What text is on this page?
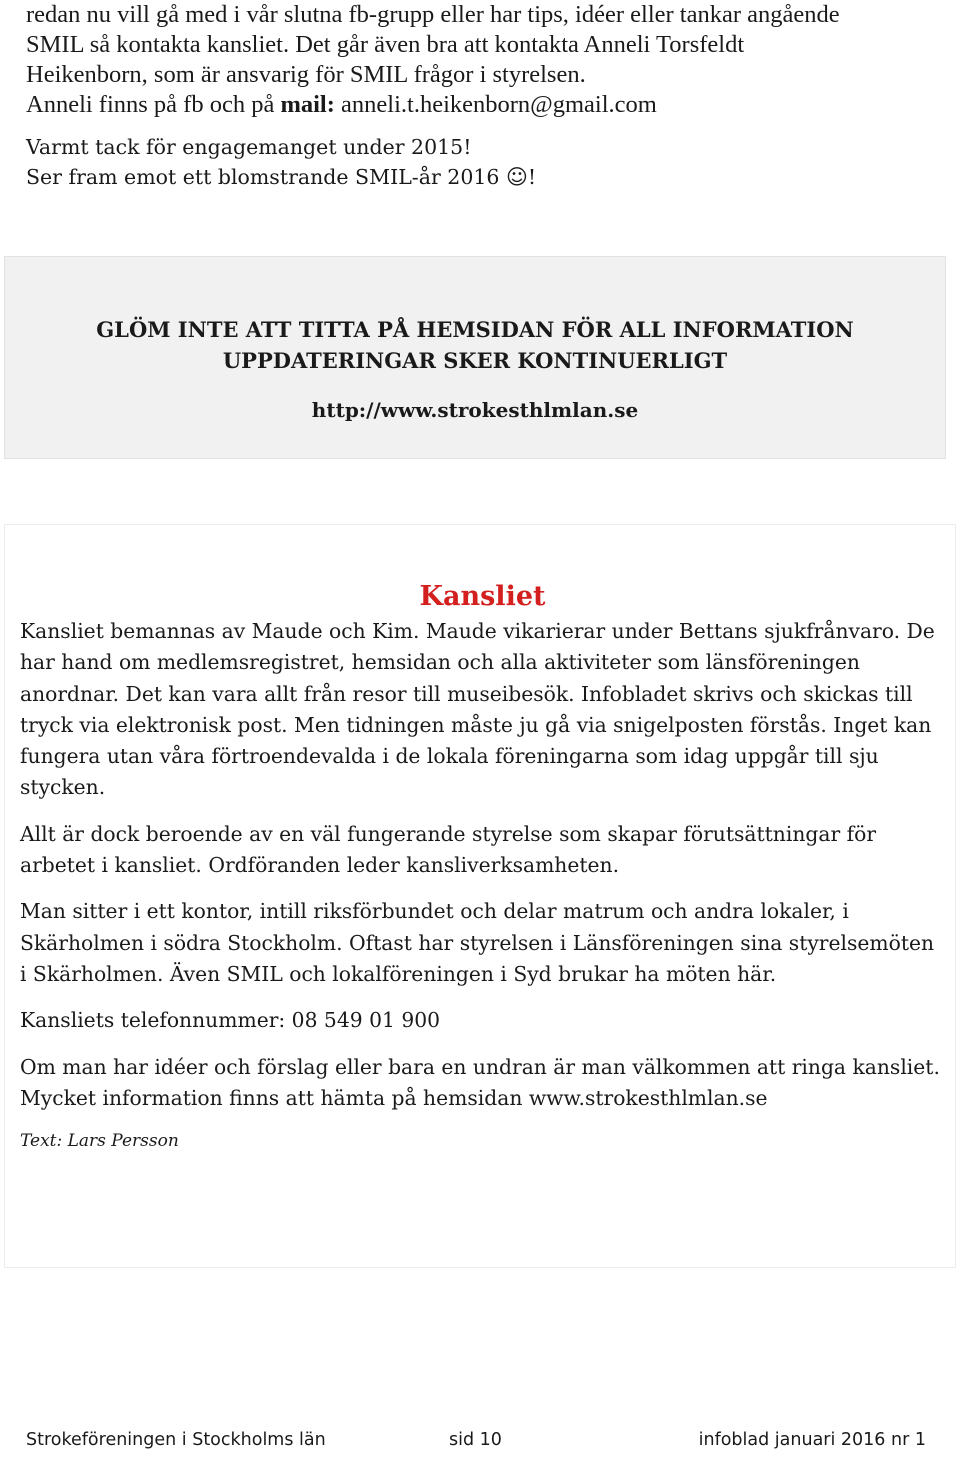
redan nu vill gå med i vår slutna fb-grupp eller har tips, idéer eller tankar angående

SMIL så kontakta kansliet. Det går även bra att kontakta Anneli Torsfeldt

Heikenborn, som är ansvarig för SMIL frågor i styrelsen.

Anneli finns på fb och på mail: anneli.t.heikenborn@gmail.com

Varmt tack för engagemanget under 2015!
Ser fram emot ett blomstrande SMIL-år 2016 ☺!

GLÖM INTE ATT TITTA PÅ HEMSIDAN FÖR ALL INFORMATION
UPPDATERINGAR SKER KONTINUERLIGT
http://www.strokesthlmlan.se
Kansliet

Kansliet bemannas av Maude och Kim. Maude vikarierar under Bettans sjukfrånvaro. De har hand om medlemsregistret, hemsidan och alla aktiviteter som länsföreningen anordnar. Det kan vara allt från resor till museibesök. Infobladet skrivs och skickas till tryck via elektronisk post. Men tidningen måste ju gå via snigelposten förstås. Inget kan fungera utan våra förtroendevalda i de lokala föreningarna som idag uppgår till sju stycken.

Allt är dock beroende av en väl fungerande styrelse som skapar förutsättningar för arbetet i kansliet. Ordföranden leder kansliverksamheten.

Man sitter i ett kontor, intill riksförbundet och delar matrum och andra lokaler, i Skärholmen i södra Stockholm. Oftast har styrelsen i Länsföreningen sina styrelsemöten i Skärholmen. Även SMIL och lokalföreningen i Syd brukar ha möten här.

Kansliets telefonnummer: 08 549 01 900

Om man har idéer och förslag eller bara en undran är man välkommen att ringa kansliet. Mycket information finns att hämta på hemsidan www.strokesthlmlan.se

Text: Lars Persson

Strokeföreningen i Stockholms län	sid 10	infoblad januari 2016 nr 1
